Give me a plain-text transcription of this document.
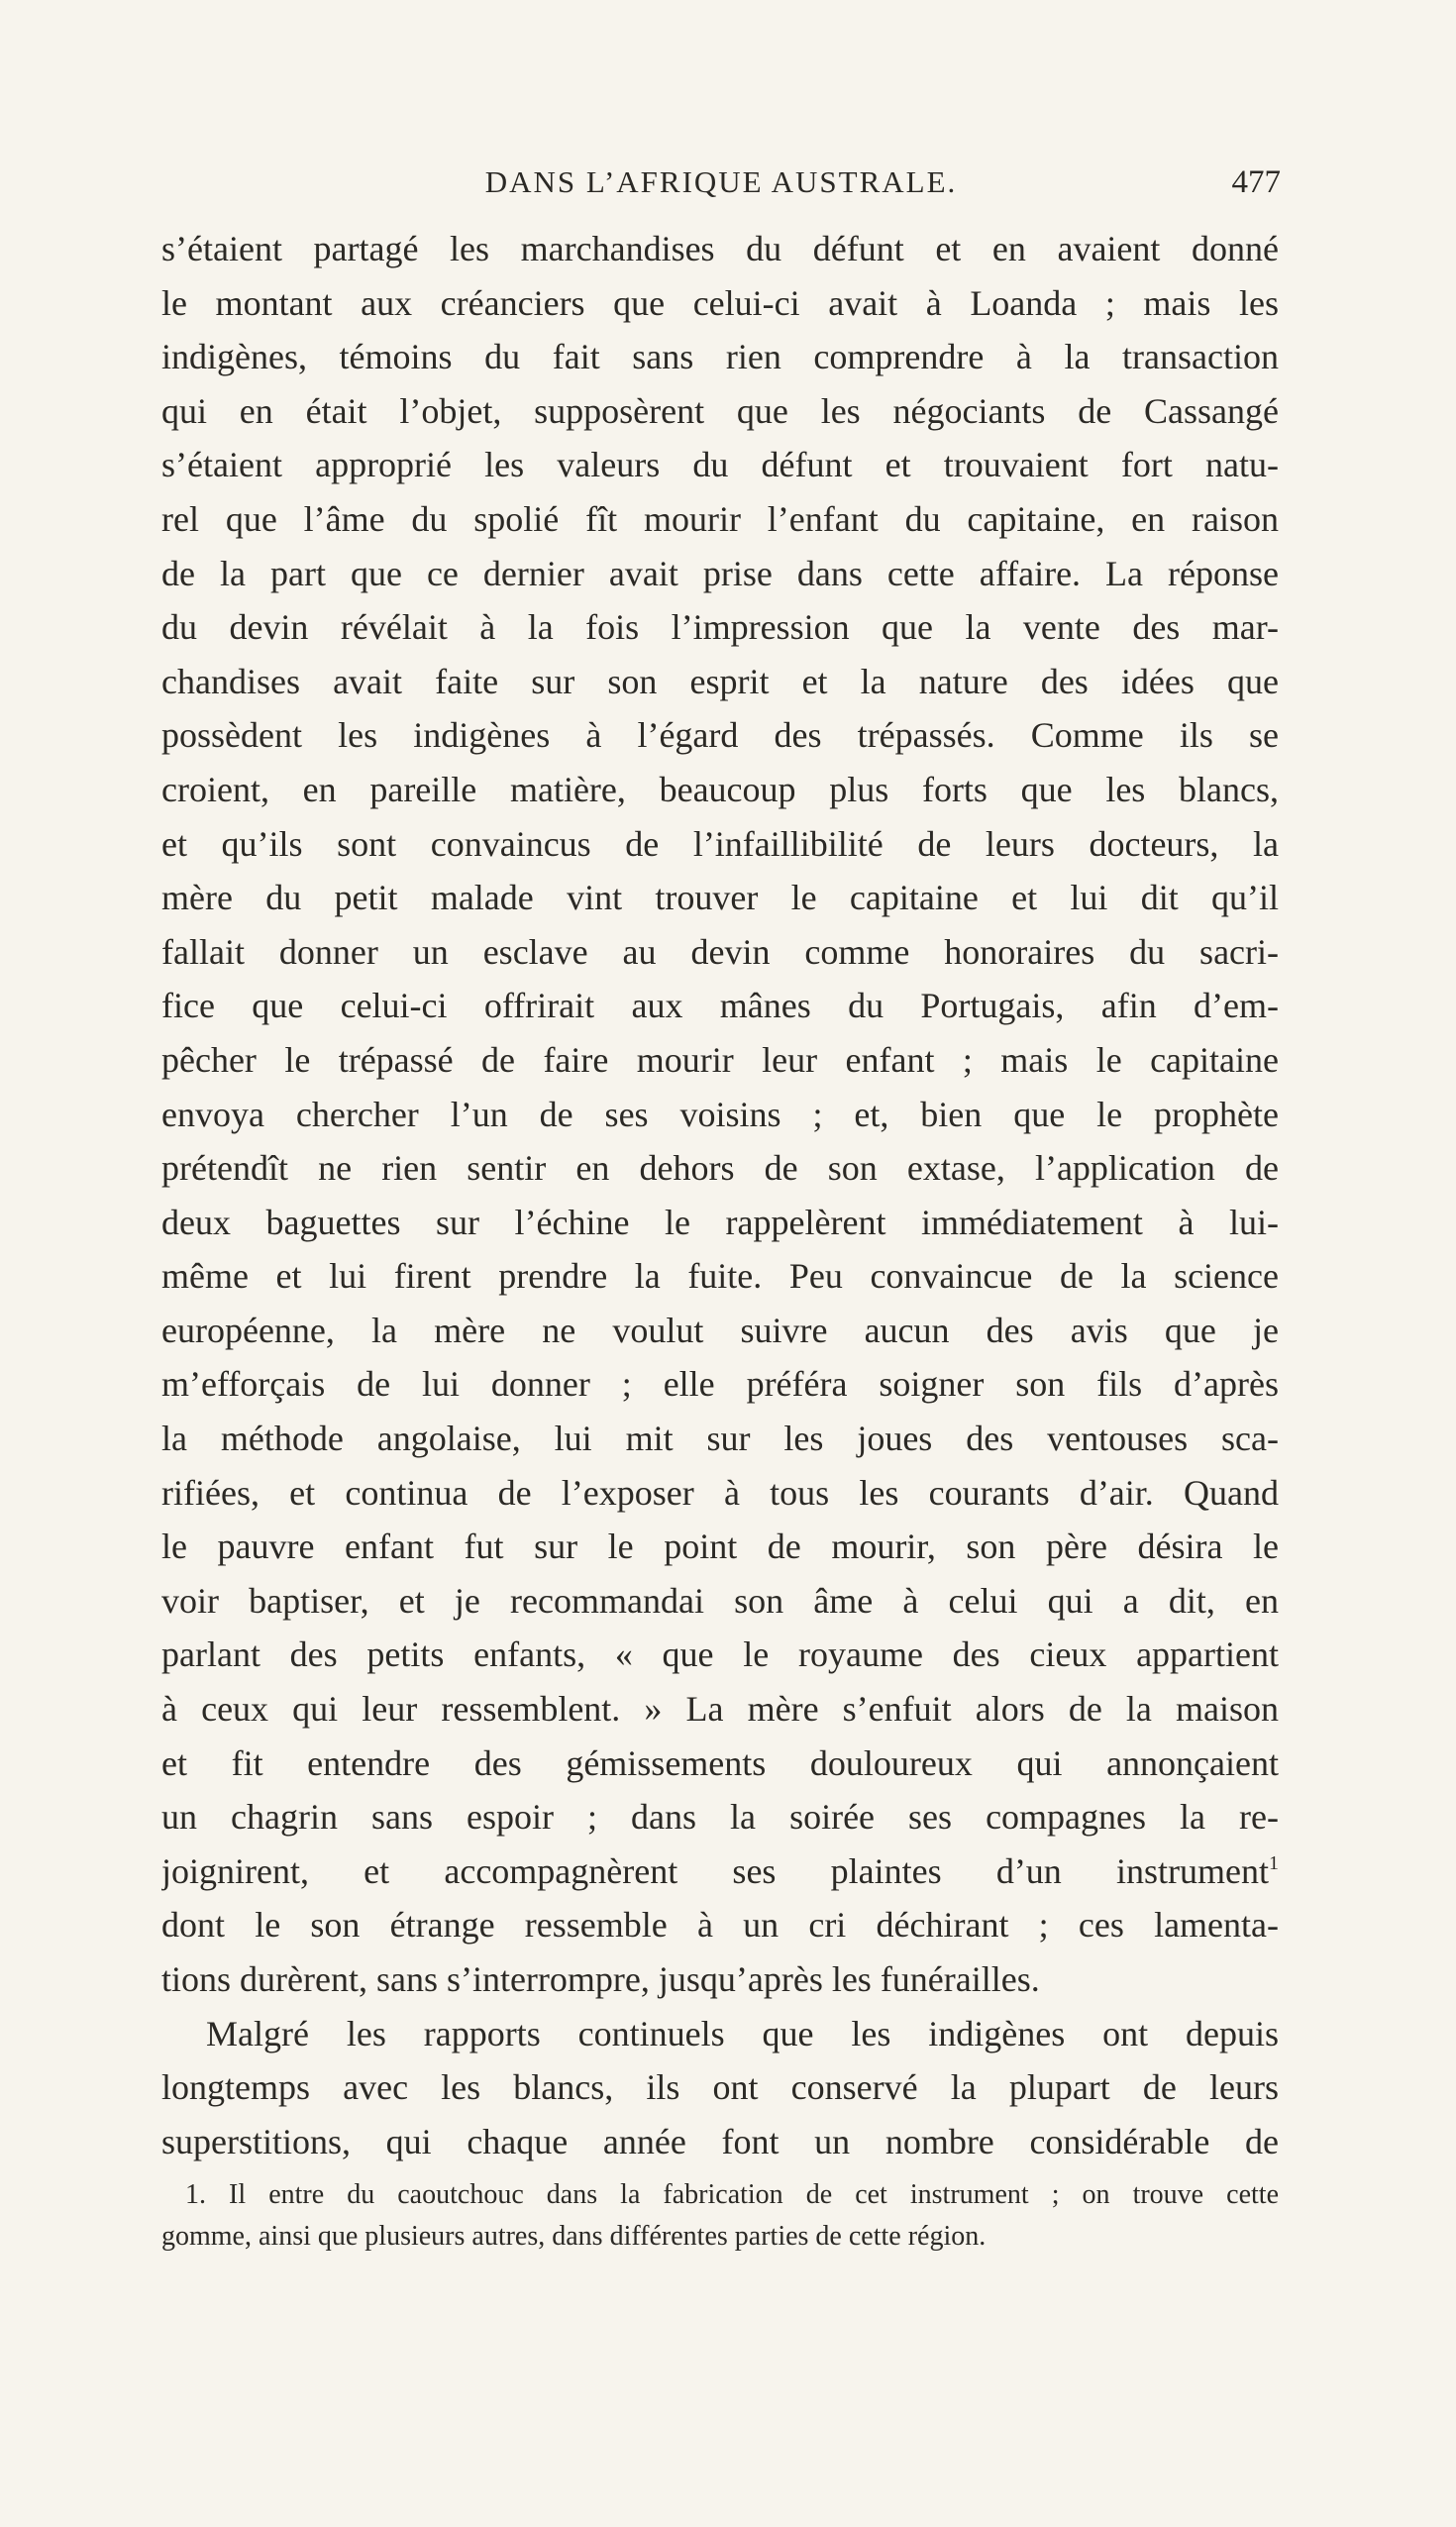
DANS L’AFRIQUE AUSTRALE.	477
s’étaient partagé les marchandises du défunt et en avaient donné
le montant aux créanciers que celui-ci avait à Loanda ; mais les
indigènes, témoins du fait sans rien comprendre à la transaction
qui en était l’objet, supposèrent que les négociants de Cassangé
s’étaient approprié les valeurs du défunt et trouvaient fort natu-
rel que l’âme du spolié fît mourir l’enfant du capitaine, en raison
de la part que ce dernier avait prise dans cette affaire. La réponse
du devin révélait à la fois l’impression que la vente des mar-
chandises avait faite sur son esprit et la nature des idées que
possèdent les indigènes à l’égard des trépassés. Comme ils se
croient, en pareille matière, beaucoup plus forts que les blancs,
et qu’ils sont convaincus de l’infaillibilité de leurs docteurs, la
mère du petit malade vint trouver le capitaine et lui dit qu’il
fallait donner un esclave au devin comme honoraires du sacri-
fice que celui-ci offrirait aux mânes du Portugais, afin d’em-
pêcher le trépassé de faire mourir leur enfant ; mais le capitaine
envoya chercher l’un de ses voisins ; et, bien que le prophète
prétendît ne rien sentir en dehors de son extase, l’application de
deux baguettes sur l’échine le rappelèrent immédiatement à lui-
même et lui firent prendre la fuite. Peu convaincue de la science
européenne, la mère ne voulut suivre aucun des avis que je
m’efforçais de lui donner ; elle préféra soigner son fils d’après
la méthode angolaise, lui mit sur les joues des ventouses sca-
rifiées, et continua de l’exposer à tous les courants d’air. Quand
le pauvre enfant fut sur le point de mourir, son père désira le
voir baptiser, et je recommandai son âme à celui qui a dit, en
parlant des petits enfants, « que le royaume des cieux appartient
à ceux qui leur ressemblent. » La mère s’enfuit alors de la maison
et fit entendre des gémissements douloureux qui annonçaient
un chagrin sans espoir ; dans la soirée ses compagnes la re-
joignirent, et accompagnèrent ses plaintes d’un instrument$^1$
dont le son étrange ressemble à un cri déchirant ; ces lamenta-
tions durèrent, sans s’interrompre, jusqu’après les funérailles.
Malgré les rapports continuels que les indigènes ont depuis
longtemps avec les blancs, ils ont conservé la plupart de leurs
superstitions, qui chaque année font un nombre considérable de
1. Il entre du caoutchouc dans la fabrication de cet instrument ; on trouve cette
gomme, ainsi que plusieurs autres, dans différentes parties de cette région.
